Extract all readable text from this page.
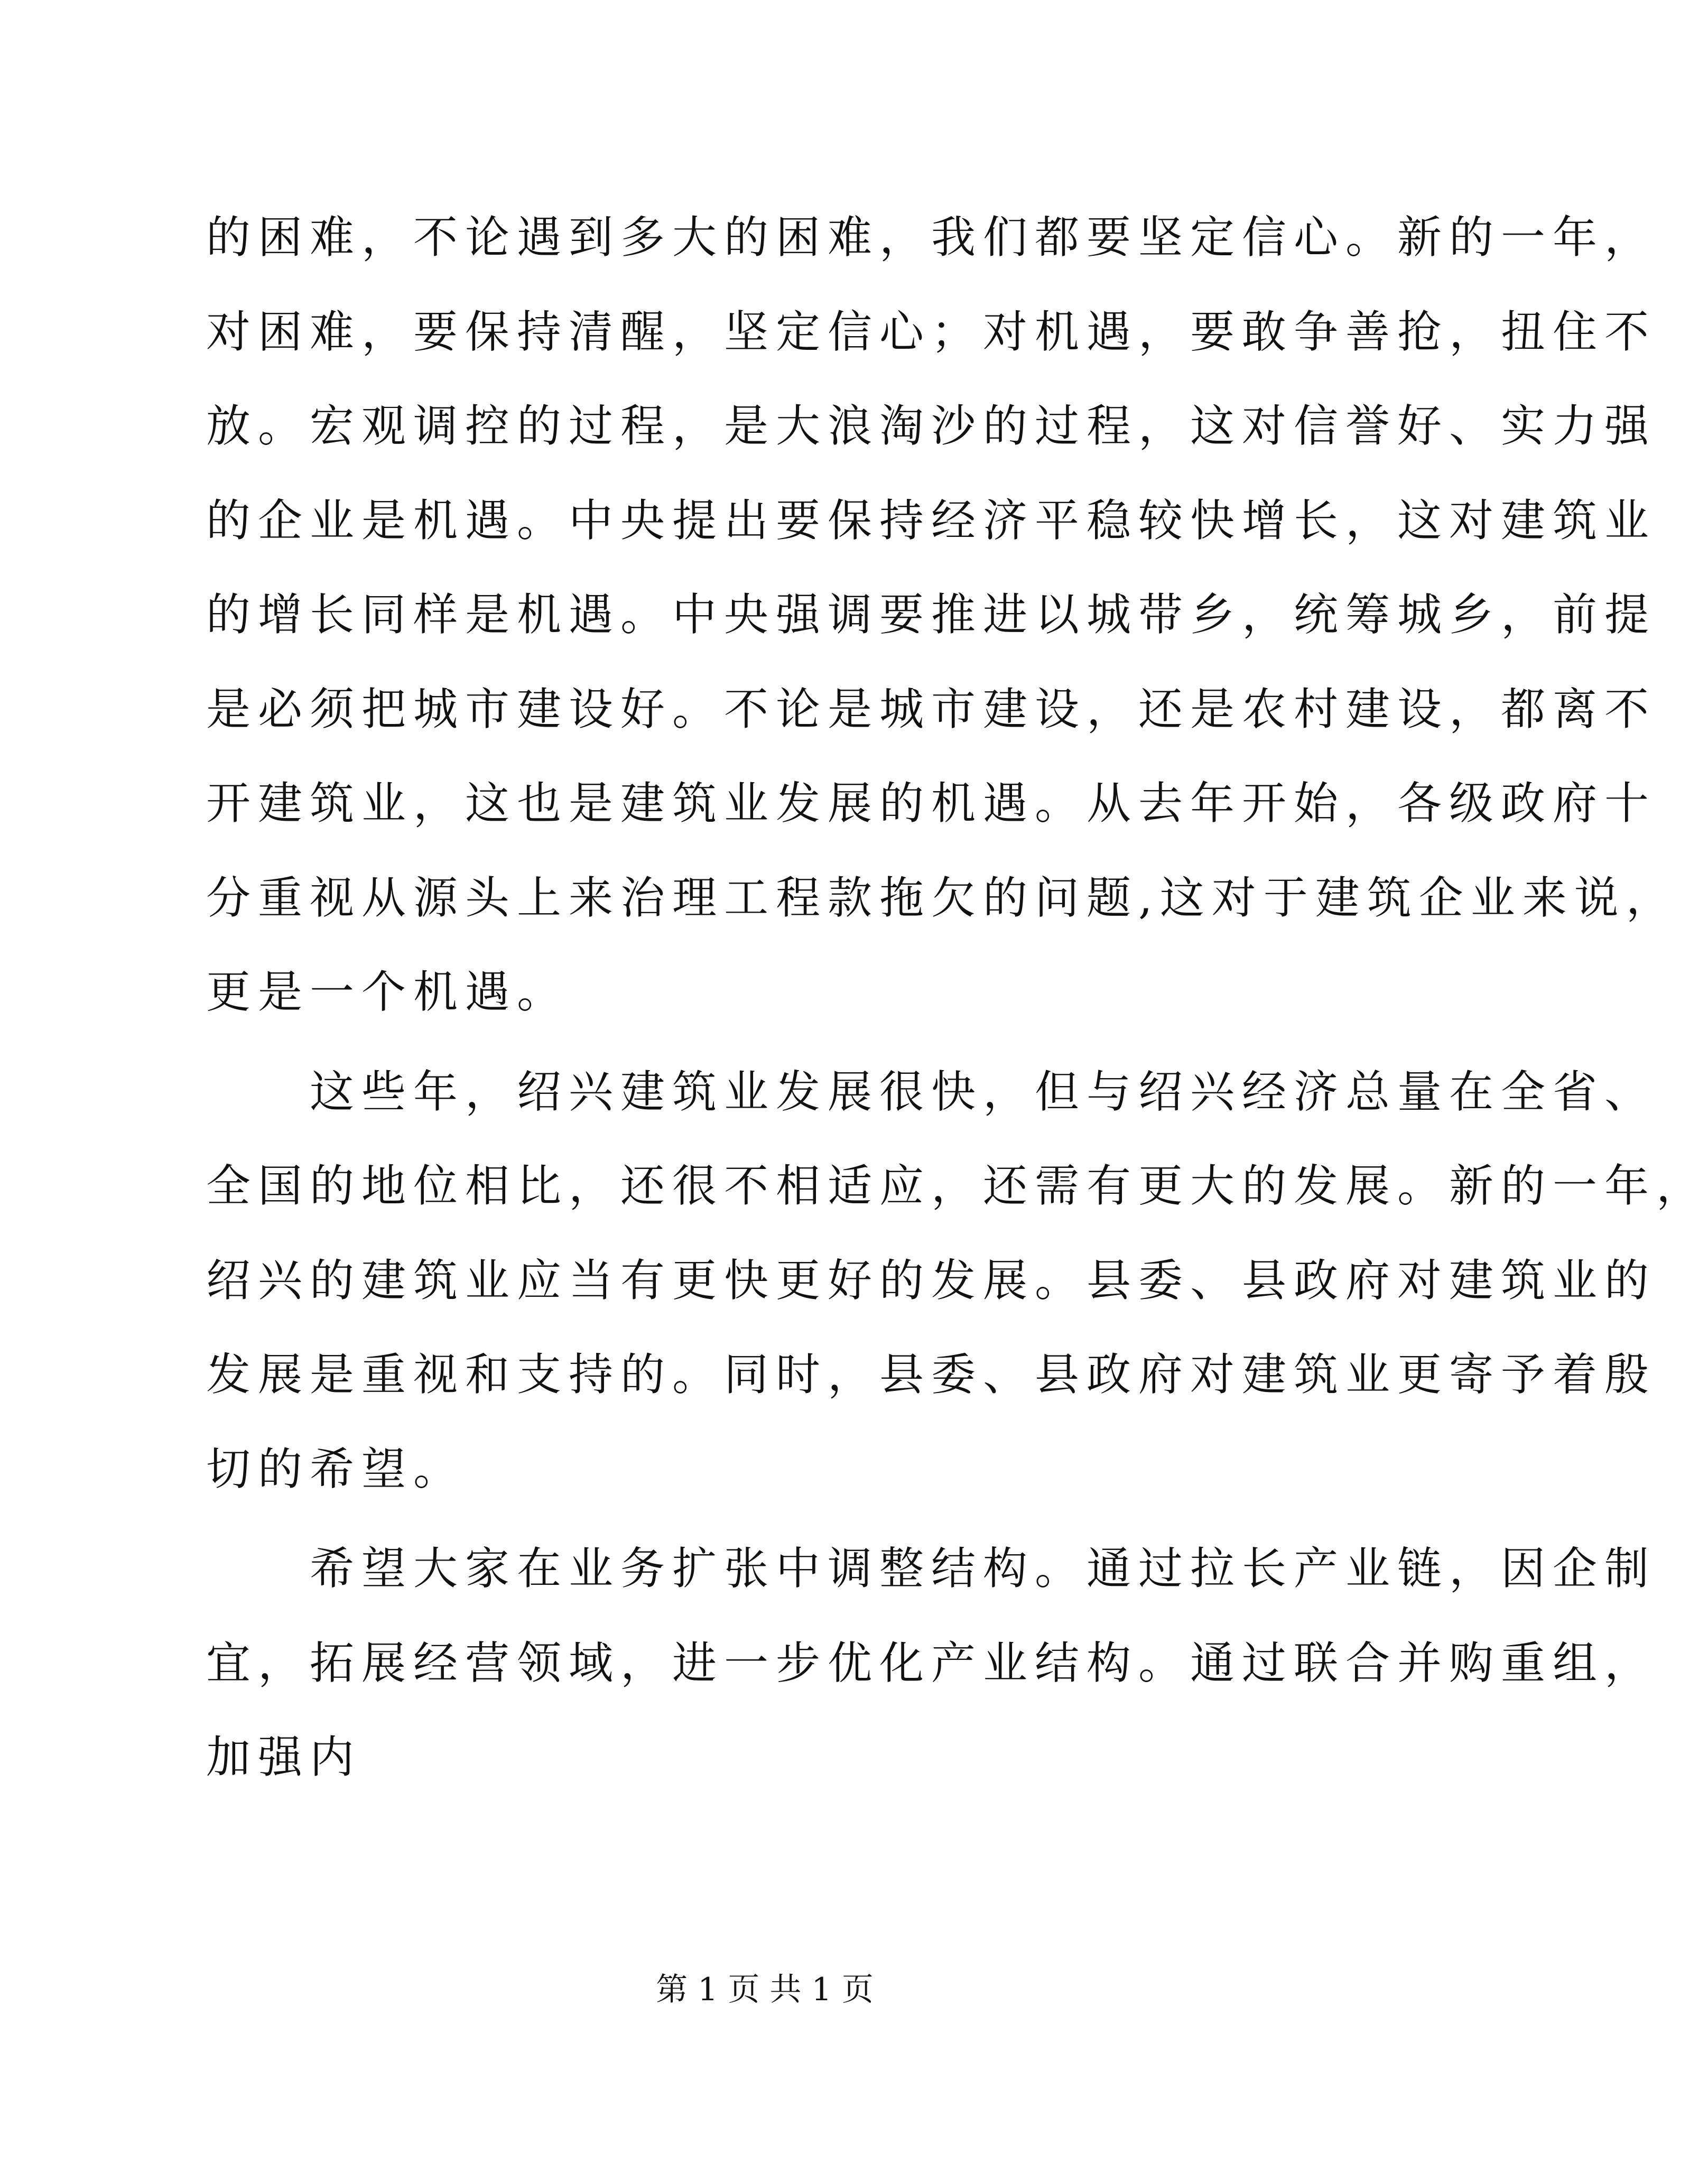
的困难，不论遇到多大的困难，我们都要坚定信心。新的一年，
对困难，要保持清醒，坚定信心；对机遇，要敢争善抢，扭住不
放。宏观调控的过程，是大浪淘沙的过程，这对信誉好、实力强
的企业是机遇。中央提出要保持经济平稳较快增长，这对建筑业
的增长同样是机遇。中央强调要推进以城带乡，统筹城乡，前提
是必须把城市建设好。不论是城市建设，还是农村建设，都离不
开建筑业，这也是建筑业发展的机遇。从去年开始，各级政府十
分重视从源头上来治理工程款拖欠的问题,这对于建筑企业来说，
更是一个机遇。
　　这些年，绍兴建筑业发展很快，但与绍兴经济总量在全省、
全国的地位相比，还很不相适应，还需有更大的发展。新的一年，
绍兴的建筑业应当有更快更好的发展。县委、县政府对建筑业的
发展是重视和支持的。同时，县委、县政府对建筑业更寄予着殷
切的希望。
　　希望大家在业务扩张中调整结构。通过拉长产业链，因企制
宜，拓展经营领域，进一步优化产业结构。通过联合并购重组，
加强内
第 1 页 共 1 页
